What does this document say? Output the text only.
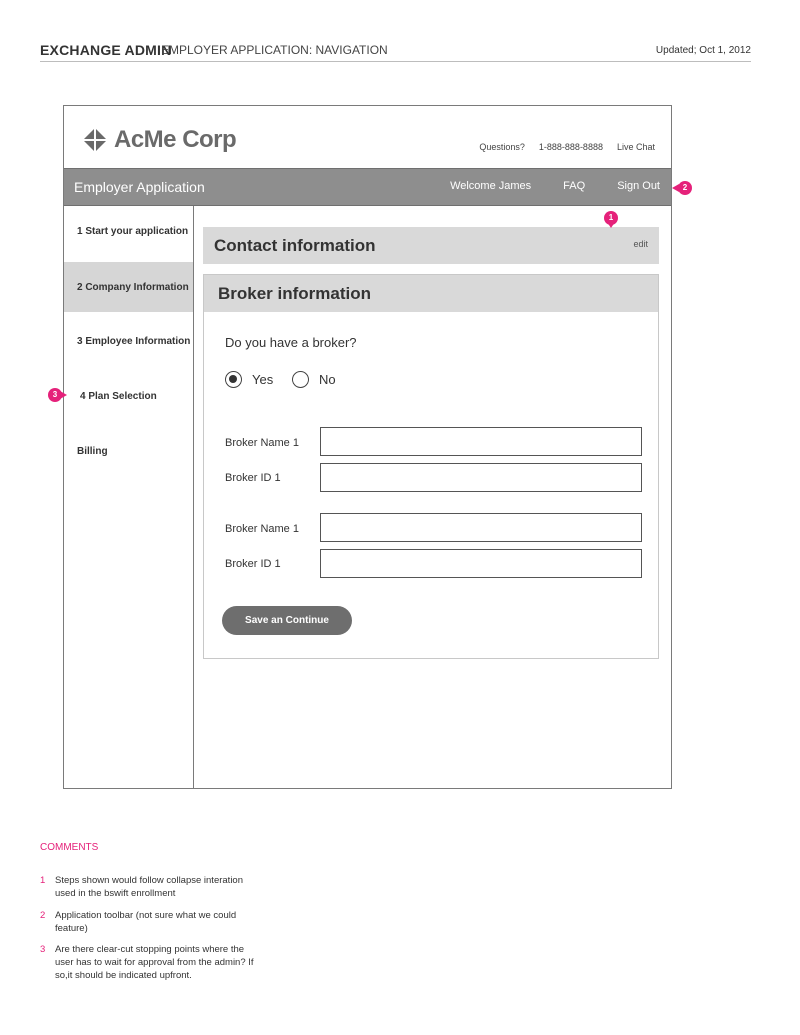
EXCHANGE ADMIN
EMPLOYER APPLICATION: NAVIGATION	Updated; Oct 1, 2012
AcMe Corp	Questions? 1-888-888-8888 Live Chat
Employer Application	Welcome James	FAQ	Sign Out
1 Start your application
2 Company Information
3 Employee Information
4 Plan Selection
Billing
Contact information	edit
Broker information
Do you have a broker?
Yes	No
Broker Name 1
Broker ID 1
Broker Name 1
Broker ID 1
Save an Continue
1
2
3
COMMENTS
1 Steps shown would follow collapse interation used in the bswift enrollment
2 Application toolbar (not sure what we could feature)
3 Are there clear-cut stopping points where the user has to wait for approval from the admin? If so,it should be indicated upfront.
